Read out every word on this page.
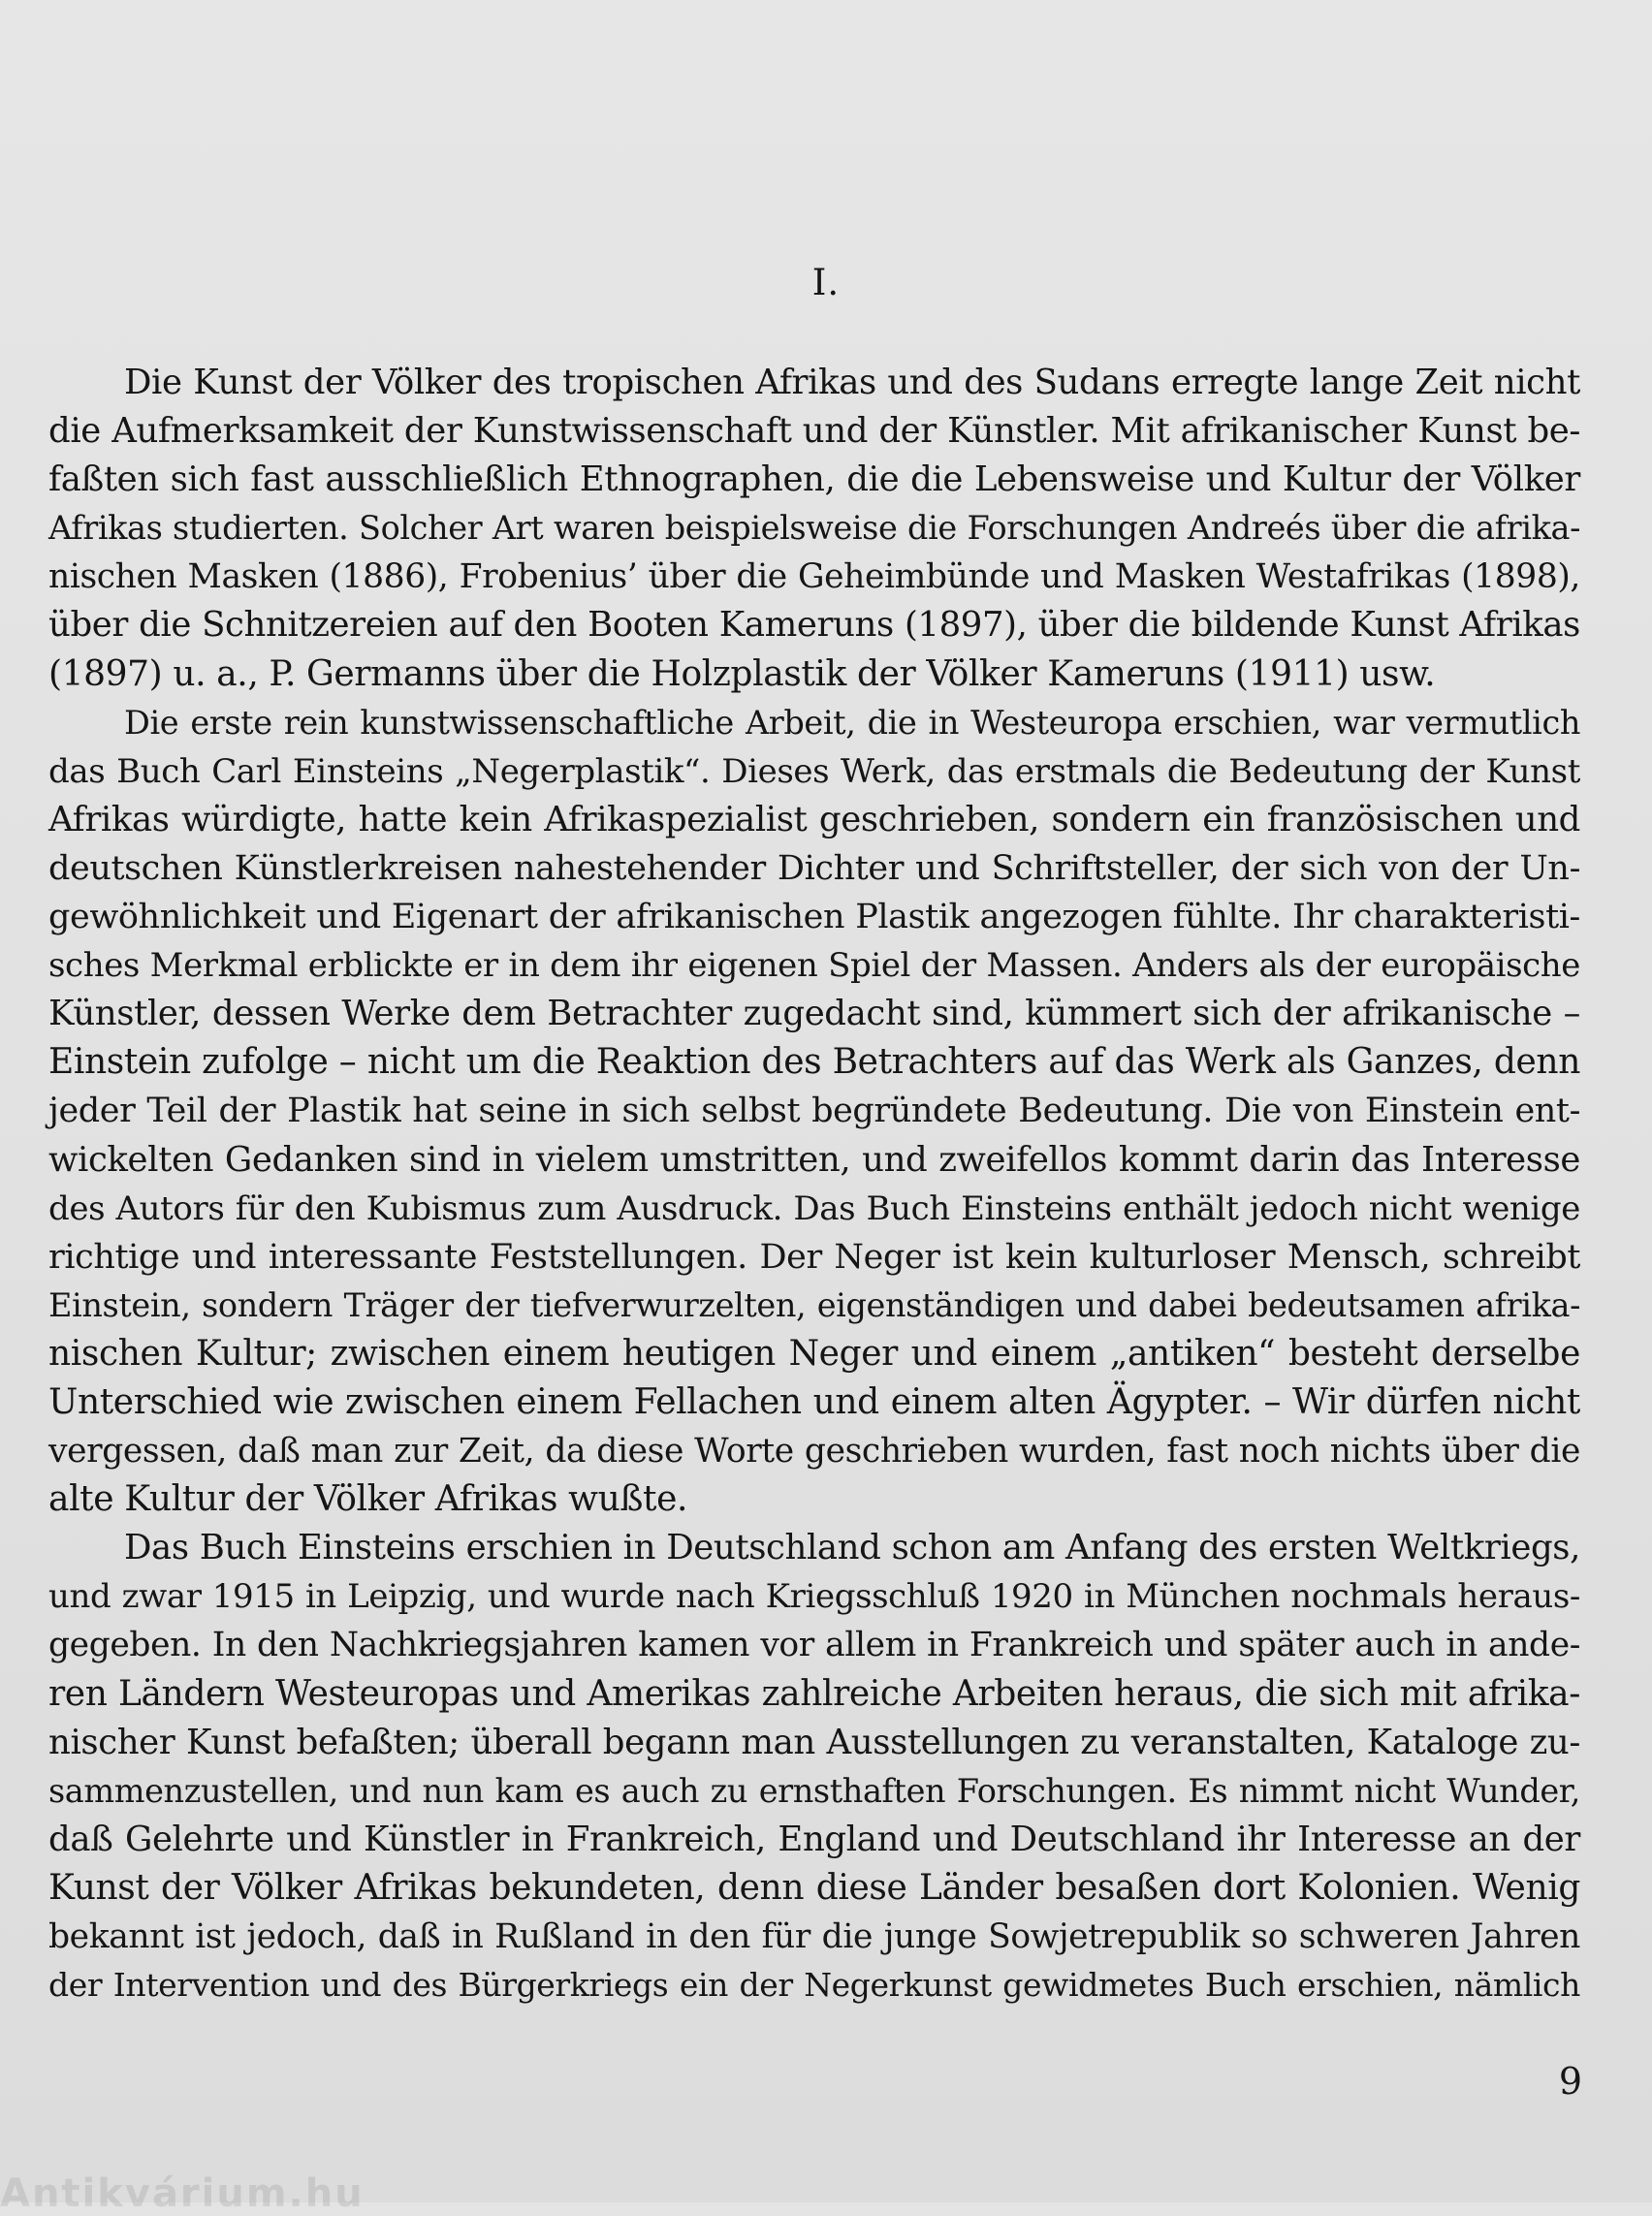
I.
Die Kunst der Völker des tropischen Afrikas und des Sudans erregte lange Zeit nicht
die Aufmerksamkeit der Kunstwissenschaft und der Künstler. Mit afrikanischer Kunst be-
faßten sich fast ausschließlich Ethnographen, die die Lebensweise und Kultur der Völker
Afrikas studierten. Solcher Art waren beispielsweise die Forschungen Andreés über die afrika-
nischen Masken (1886), Frobenius’ über die Geheimbünde und Masken Westafrikas (1898),
über die Schnitzereien auf den Booten Kameruns (1897), über die bildende Kunst Afrikas
(1897) u. a., P. Germanns über die Holzplastik der Völker Kameruns (1911) usw.
Die erste rein kunstwissenschaftliche Arbeit, die in Westeuropa erschien, war vermutlich
das Buch Carl Einsteins „Negerplastik“. Dieses Werk, das erstmals die Bedeutung der Kunst
Afrikas würdigte, hatte kein Afrikaspezialist geschrieben, sondern ein französischen und
deutschen Künstlerkreisen nahestehender Dichter und Schriftsteller, der sich von der Un-
gewöhnlichkeit und Eigenart der afrikanischen Plastik angezogen fühlte. Ihr charakteristi-
sches Merkmal erblickte er in dem ihr eigenen Spiel der Massen. Anders als der europäische
Künstler, dessen Werke dem Betrachter zugedacht sind, kümmert sich der afrikanische –
Einstein zufolge – nicht um die Reaktion des Betrachters auf das Werk als Ganzes, denn
jeder Teil der Plastik hat seine in sich selbst begründete Bedeutung. Die von Einstein ent-
wickelten Gedanken sind in vielem umstritten, und zweifellos kommt darin das Interesse
des Autors für den Kubismus zum Ausdruck. Das Buch Einsteins enthält jedoch nicht wenige
richtige und interessante Feststellungen. Der Neger ist kein kulturloser Mensch, schreibt
Einstein, sondern Träger der tiefverwurzelten, eigenständigen und dabei bedeutsamen afrika-
nischen Kultur; zwischen einem heutigen Neger und einem „antiken“ besteht derselbe
Unterschied wie zwischen einem Fellachen und einem alten Ägypter. – Wir dürfen nicht
vergessen, daß man zur Zeit, da diese Worte geschrieben wurden, fast noch nichts über die
alte Kultur der Völker Afrikas wußte.
Das Buch Einsteins erschien in Deutschland schon am Anfang des ersten Weltkriegs,
und zwar 1915 in Leipzig, und wurde nach Kriegsschluß 1920 in München nochmals heraus-
gegeben. In den Nachkriegsjahren kamen vor allem in Frankreich und später auch in ande-
ren Ländern Westeuropas und Amerikas zahlreiche Arbeiten heraus, die sich mit afrika-
nischer Kunst befaßten; überall begann man Ausstellungen zu veranstalten, Kataloge zu-
sammenzustellen, und nun kam es auch zu ernsthaften Forschungen. Es nimmt nicht Wunder,
daß Gelehrte und Künstler in Frankreich, England und Deutschland ihr Interesse an der
Kunst der Völker Afrikas bekundeten, denn diese Länder besaßen dort Kolonien. Wenig
bekannt ist jedoch, daß in Rußland in den für die junge Sowjetrepublik so schweren Jahren
der Intervention und des Bürgerkriegs ein der Negerkunst gewidmetes Buch erschien, nämlich
9
Antikvárium.hu
